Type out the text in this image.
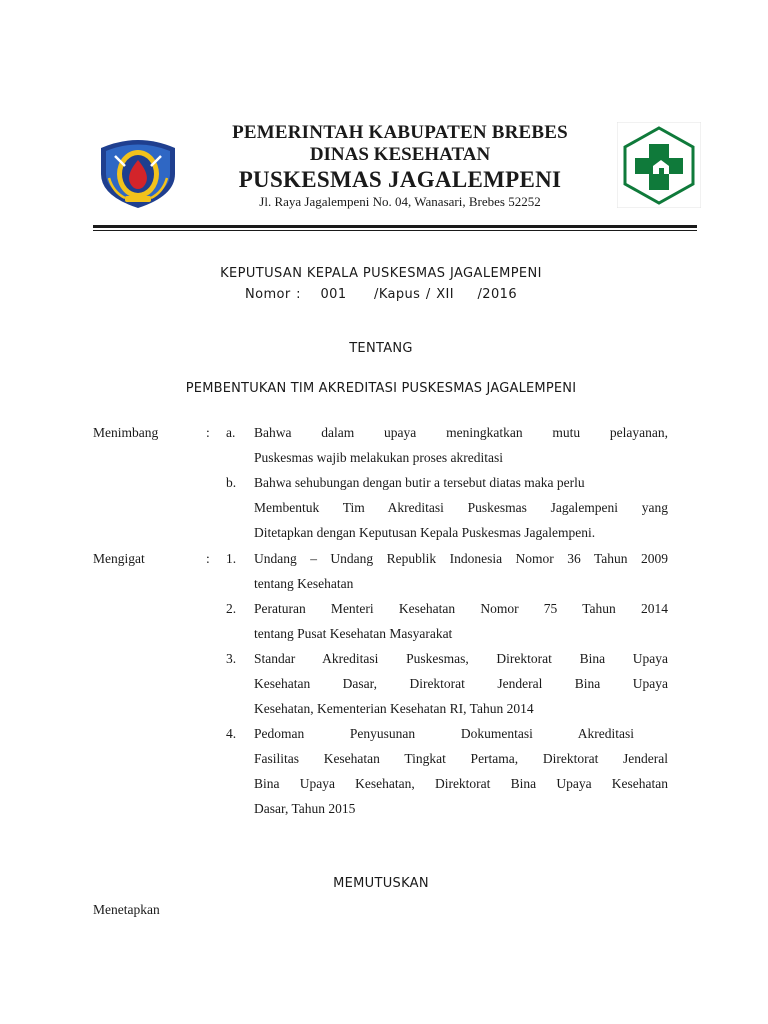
PEMERINTAH KABUPATEN BREBES
DINAS KESEHATAN
PUSKESMAS JAGALEMPENI
Jl. Raya Jagalempeni No. 04, Wanasari, Brebes 52252
KEPUTUSAN KEPALA PUSKESMAS JAGALEMPENI
Nomor : 001 /Kapus / XII /2016
TENTANG
PEMBENTUKAN TIM AKREDITASI PUSKESMAS JAGALEMPENI
Menimbang	: a. Bahwa dalam upaya meningkatkan mutu pelayanan,
Puskesmas wajib melakukan proses akreditasi
b. Bahwa sehubungan dengan butir a tersebut diatas maka perlu
Membentuk Tim Akreditasi Puskesmas Jagalempeni yang
Ditetapkan dengan Keputusan Kepala Puskesmas Jagalempeni.
Mengigat	: 1. Undang – Undang Republik Indonesia Nomor 36 Tahun 2009
tentang Kesehatan
2. Peraturan Menteri Kesehatan Nomor 75 Tahun 2014
tentang Pusat Kesehatan Masyarakat
3. Standar Akreditasi Puskesmas, Direktorat Bina Upaya
Kesehatan Dasar, Direktorat Jenderal Bina Upaya
Kesehatan, Kementerian Kesehatan RI, Tahun 2014
4. Pedoman Penyusunan Dokumentasi Akreditasi
Fasilitas Kesehatan Tingkat Pertama, Direktorat Jenderal
Bina Upaya Kesehatan, Direktorat Bina Upaya Kesehatan
Dasar, Tahun 2015
MEMUTUSKAN
Menetapkan
